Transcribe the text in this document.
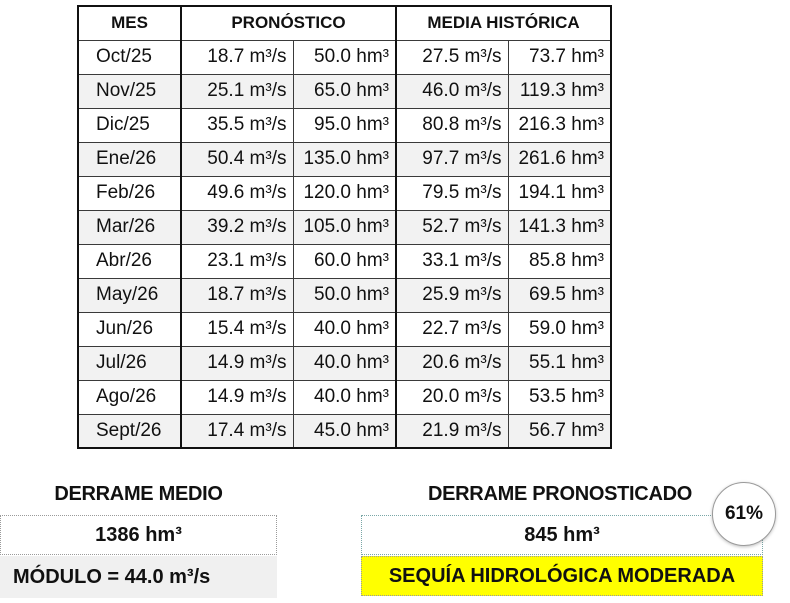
MES	PRONÓSTICO		MEDIA HISTÓRICA	
Oct/25	18.7 m³/s	50.0 hm³	27.5 m³/s	73.7 hm³
Nov/25	25.1 m³/s	65.0 hm³	46.0 m³/s	119.3 hm³
Dic/25	35.5 m³/s	95.0 hm³	80.8 m³/s	216.3 hm³
Ene/26	50.4 m³/s	135.0 hm³	97.7 m³/s	261.6 hm³
Feb/26	49.6 m³/s	120.0 hm³	79.5 m³/s	194.1 hm³
Mar/26	39.2 m³/s	105.0 hm³	52.7 m³/s	141.3 hm³
Abr/26	23.1 m³/s	60.0 hm³	33.1 m³/s	85.8 hm³
May/26	18.7 m³/s	50.0 hm³	25.9 m³/s	69.5 hm³
Jun/26	15.4 m³/s	40.0 hm³	22.7 m³/s	59.0 hm³
Jul/26	14.9 m³/s	40.0 hm³	20.6 m³/s	55.1 hm³
Ago/26	14.9 m³/s	40.0 hm³	20.0 m³/s	53.5 hm³
Sept/26	17.4 m³/s	45.0 hm³	21.9 m³/s	56.7 hm³
DERRAME MEDIO
1386 hm³
MÓDULO = 44.0 m³/s
DERRAME PRONOSTICADO
845 hm³
SEQUÍA HIDROLÓGICA MODERADA
61%
